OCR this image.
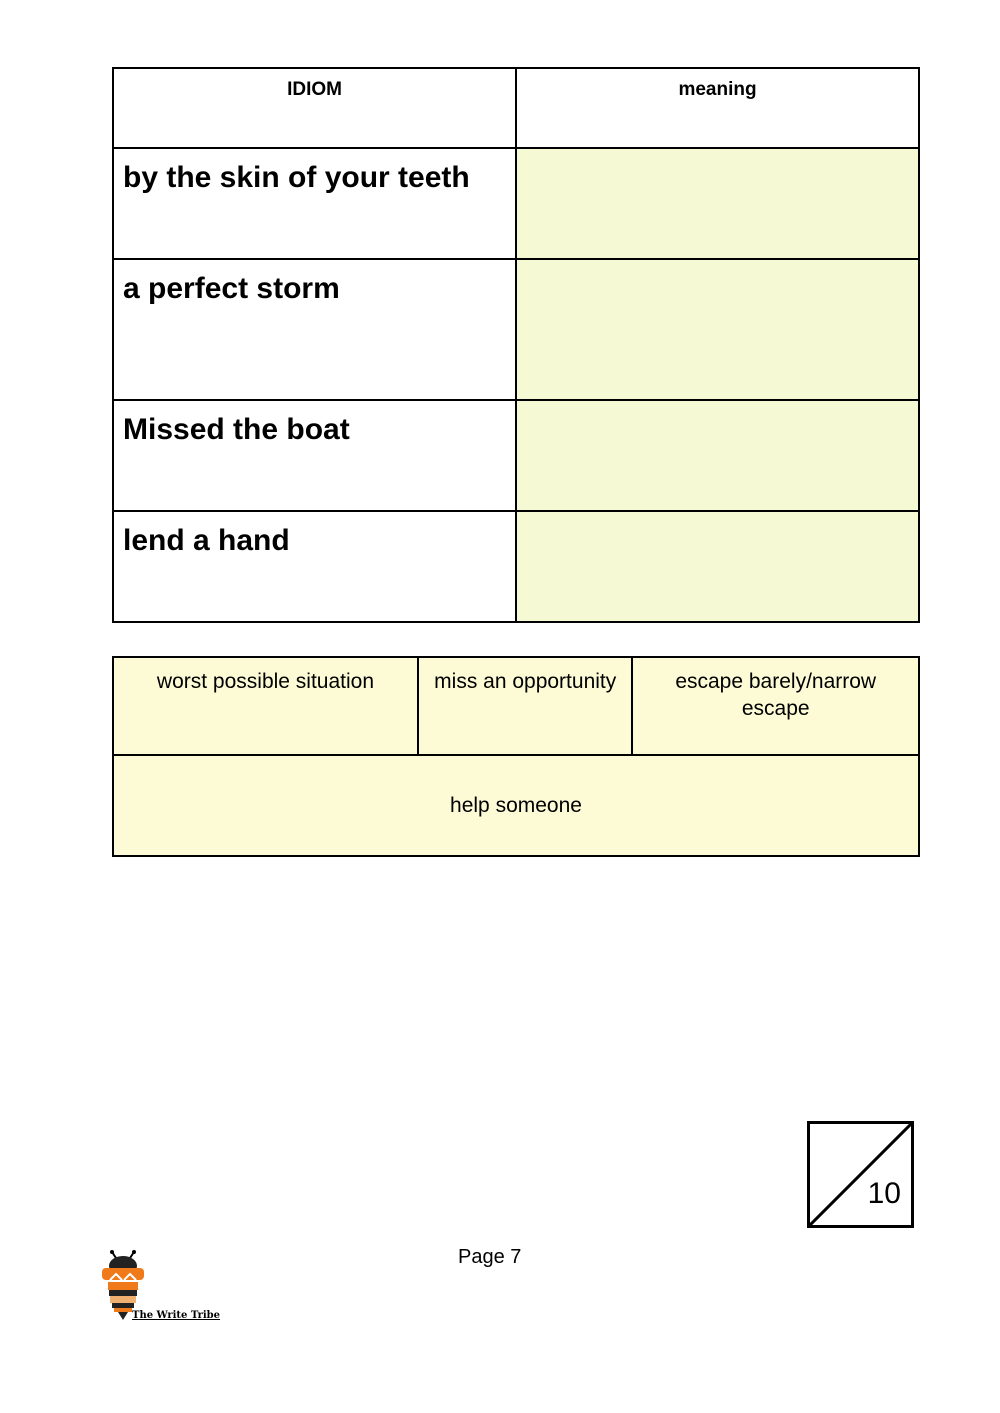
IDIOM	meaning
by the skin of your teeth	
a perfect storm	
Missed the boat	
lend a hand	
worst possible situation	miss an opportunity	escape barely/narrow escape
help someone
10
Page 7
The Write Tribe
